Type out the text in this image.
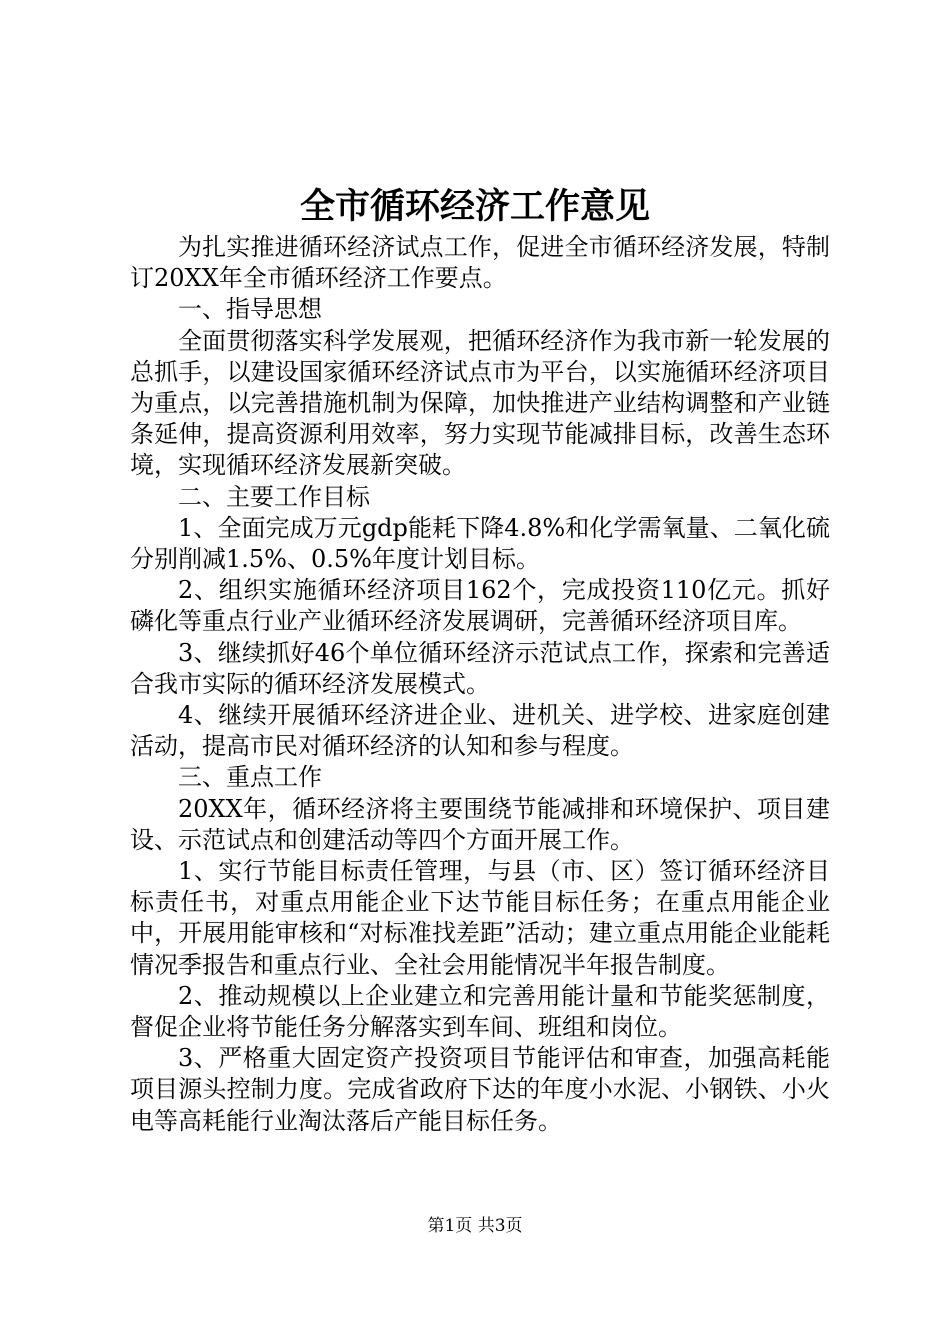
全市循环经济工作意见

为扎实推进循环经济试点工作，促进全市循环经济发展，特制订20XX年全市循环经济工作要点。

一、指导思想

全面贯彻落实科学发展观，把循环经济作为我市新一轮发展的总抓手，以建设国家循环经济试点市为平台，以实施循环经济项目为重点，以完善措施机制为保障，加快推进产业结构调整和产业链条延伸，提高资源利用效率，努力实现节能减排目标，改善生态环境，实现循环经济发展新突破。

二、主要工作目标

1、全面完成万元gdp能耗下降4.8%和化学需氧量、二氧化硫分别削减1.5%、0.5%年度计划目标。

2、组织实施循环经济项目162个，完成投资110亿元。抓好磷化等重点行业产业循环经济发展调研，完善循环经济项目库。

3、继续抓好46个单位循环经济示范试点工作，探索和完善适合我市实际的循环经济发展模式。

4、继续开展循环经济进企业、进机关、进学校、进家庭创建活动，提高市民对循环经济的认知和参与程度。

三、重点工作

20XX年，循环经济将主要围绕节能减排和环境保护、项目建设、示范试点和创建活动等四个方面开展工作。

1、实行节能目标责任管理，与县（市、区）签订循环经济目标责任书，对重点用能企业下达节能目标任务；在重点用能企业中，开展用能审核和“对标准找差距”活动；建立重点用能企业能耗情况季报告和重点行业、全社会用能情况半年报告制度。

2、推动规模以上企业建立和完善用能计量和节能奖惩制度，督促企业将节能任务分解落实到车间、班组和岗位。

3、严格重大固定资产投资项目节能评估和审查，加强高耗能项目源头控制力度。完成省政府下达的年度小水泥、小钢铁、小火电等高耗能行业淘汰落后产能目标任务。

第1页 共3页
